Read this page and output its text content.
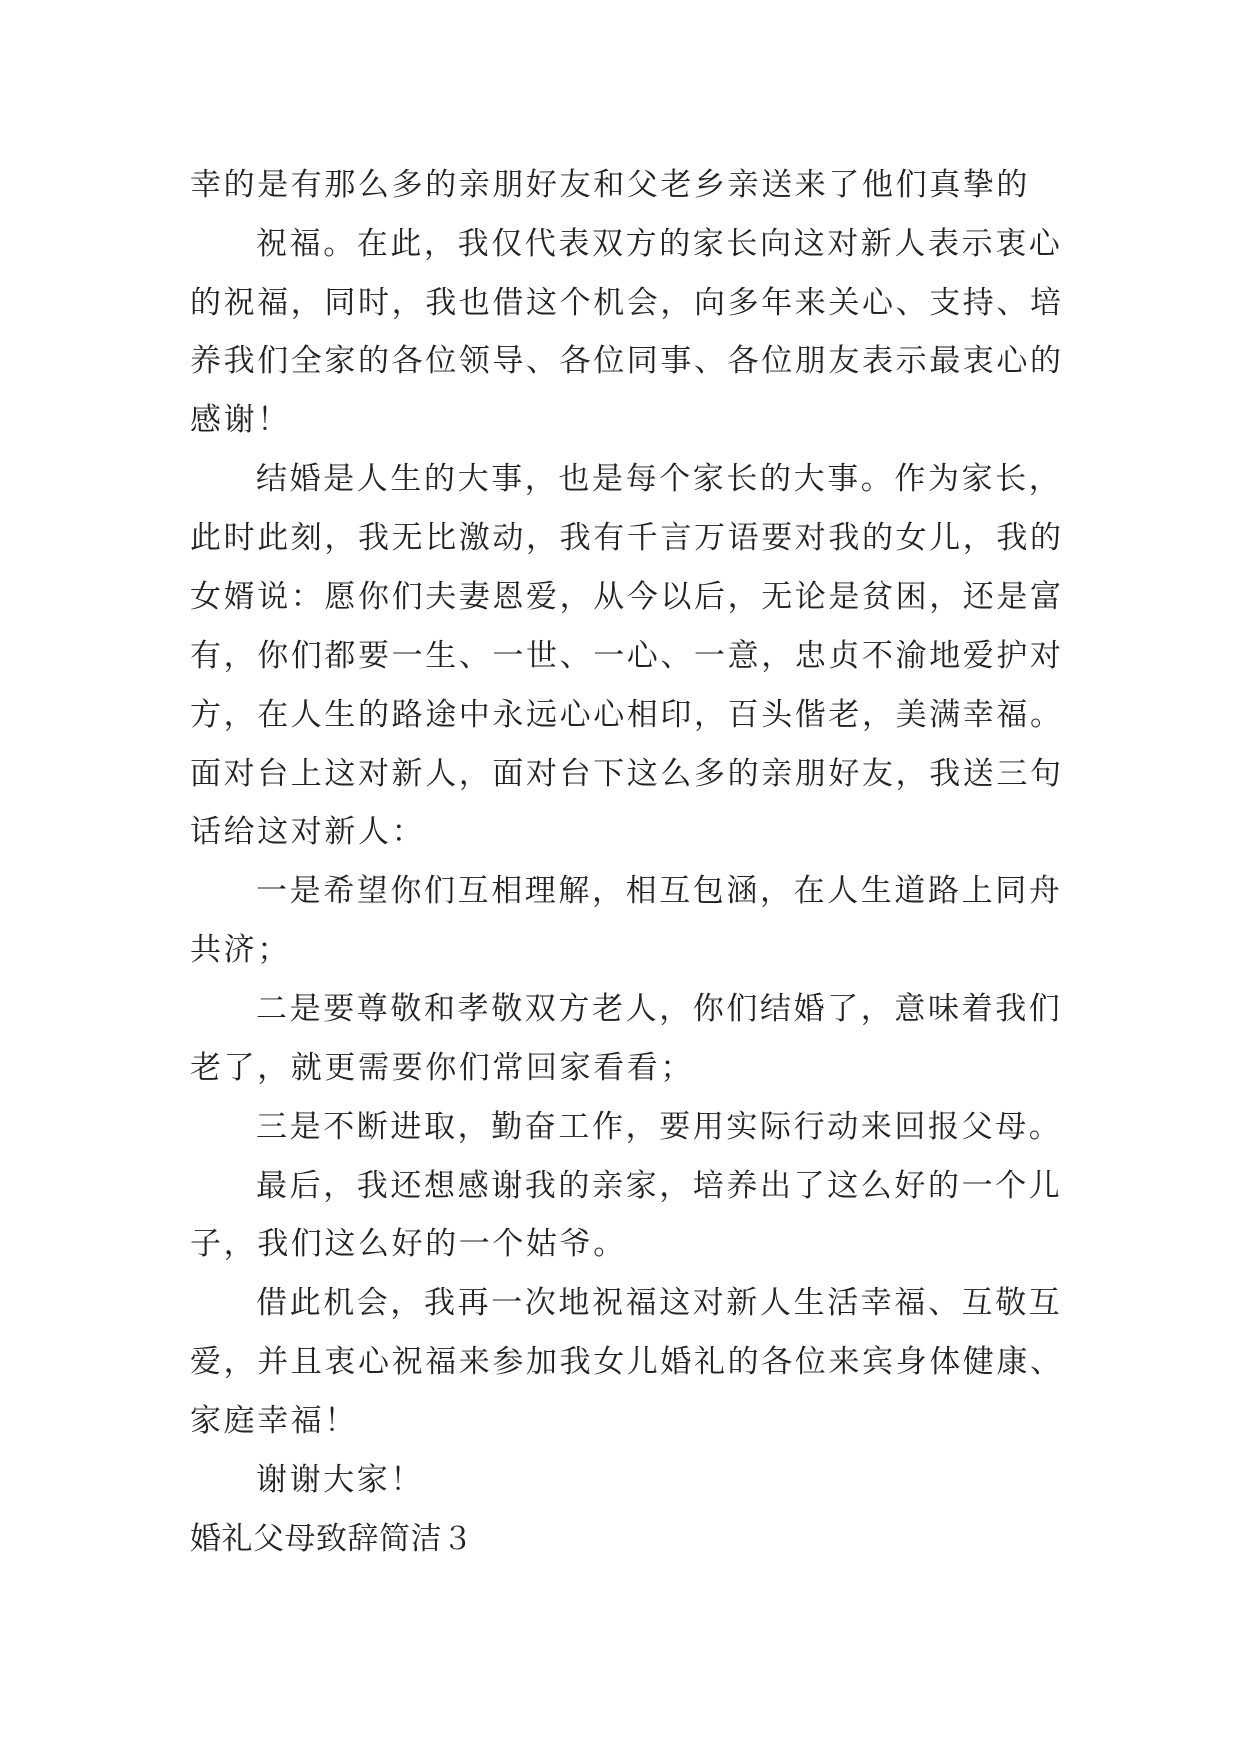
幸的是有那么多的亲朋好友和父老乡亲送来了他们真挚的

祝福。在此，我仅代表双方的家长向这对新人表示衷心

的祝福，同时，我也借这个机会，向多年来关心、支持、培

养我们全家的各位领导、各位同事、各位朋友表示最衷心的

感谢！

结婚是人生的大事，也是每个家长的大事。作为家长，

此时此刻，我无比激动，我有千言万语要对我的女儿，我的

女婿说：愿你们夫妻恩爱，从今以后，无论是贫困，还是富

有，你们都要一生、一世、一心、一意，忠贞不渝地爱护对

方，在人生的路途中永远心心相印，百头偕老，美满幸福。

面对台上这对新人，面对台下这么多的亲朋好友，我送三句

话给这对新人：

一是希望你们互相理解，相互包涵，在人生道路上同舟

共济；

二是要尊敬和孝敬双方老人，你们结婚了，意味着我们

老了，就更需要你们常回家看看；

三是不断进取，勤奋工作，要用实际行动来回报父母。

最后，我还想感谢我的亲家，培养出了这么好的一个儿

子，我们这么好的一个姑爷。

借此机会，我再一次地祝福这对新人生活幸福、互敬互

爱，并且衷心祝福来参加我女儿婚礼的各位来宾身体健康、

家庭幸福！

谢谢大家！

婚礼父母致辞简洁３
